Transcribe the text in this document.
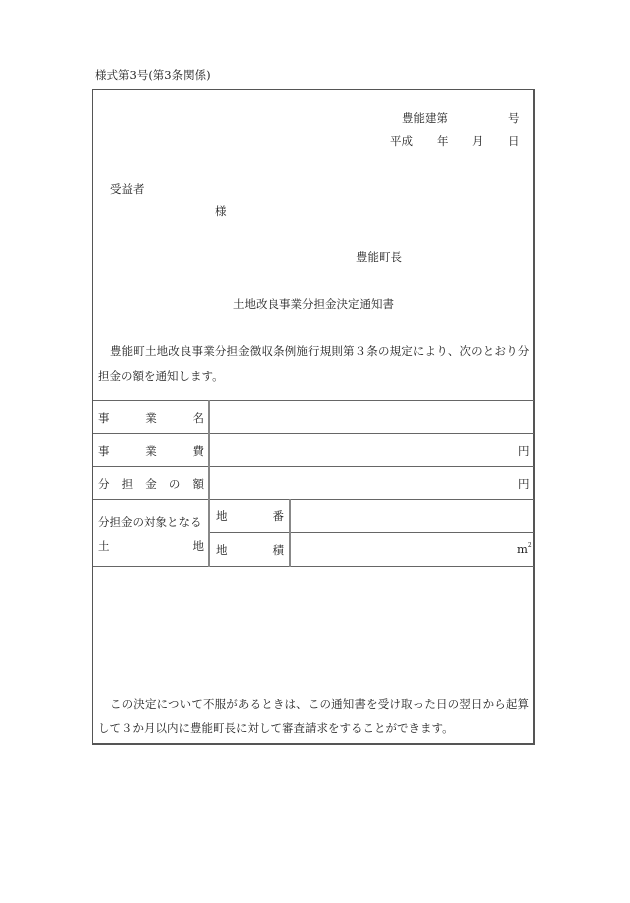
様式第3号(第3条関係)
豊能建第	号
平成 年 月 日
受益者
様
豊能町長
土地改良事業分担金決定通知書
豊能町土地改良事業分担金徴収条例施行規則第３条の規定により、次のとおり分
担金の額を通知します。
事	業	名
事	業	費	円
分 担 金 の 額	円
分担金の対象となる
土	地
地	番
地	積	$m^2$
この決定について不服があるときは、この通知書を受け取った日の翌日から起算
して３か月以内に豊能町長に対して審査請求をすることができます。
